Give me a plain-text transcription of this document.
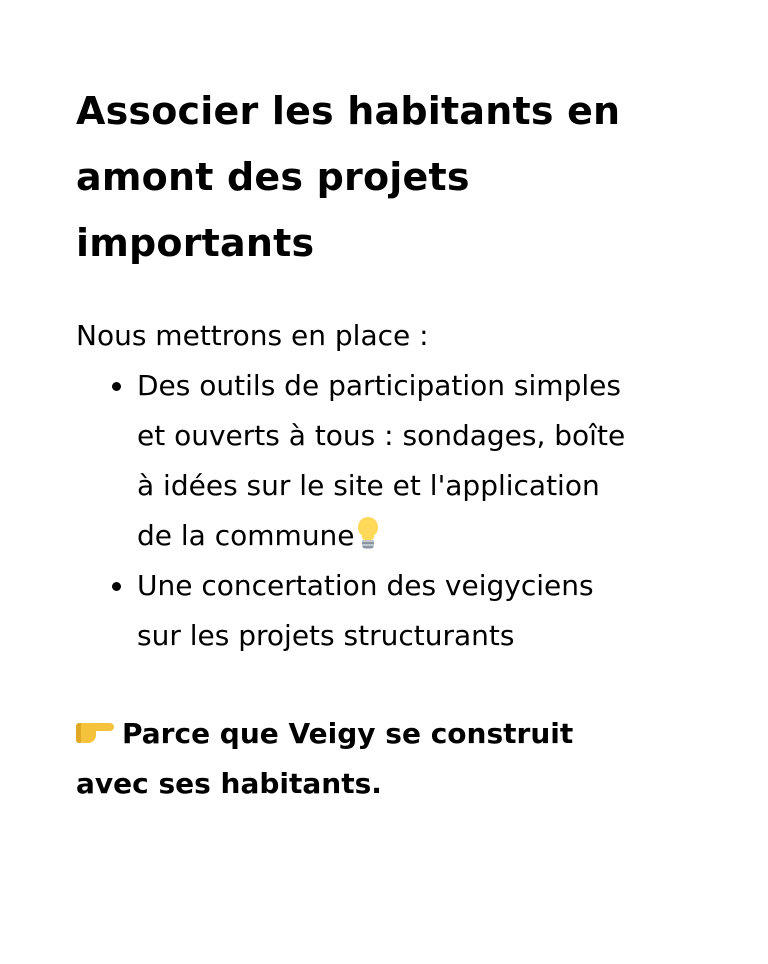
Associer les habitants en
amont des projets
importants

Nous mettrons en place :

Des outils de participation simples
et ouverts à tous : sondages, boîte
à idées sur le site et l'application
de la commune
Une concertation des veigyciens
sur les projets structurants

Parce que Veigy se construit
avec ses habitants.
